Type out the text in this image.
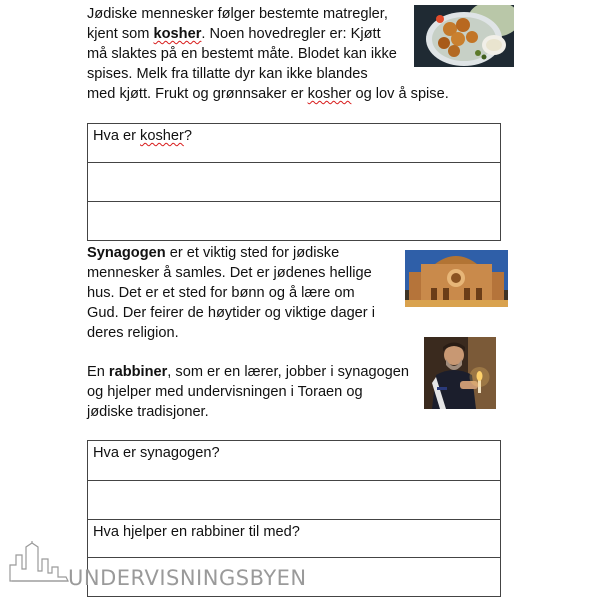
Jødiske mennesker følger bestemte matregler,
kjent som kosher. Noen hovedregler er: Kjøtt
må slaktes på en bestemt måte. Blodet kan ikke
spises. Melk fra tillatte dyr kan ikke blandes
med kjøtt. Frukt og grønnsaker er kosher og lov å spise.
Hva er kosher?

Synagogen er et viktig sted for jødiske
mennesker å samles. Det er jødenes hellige
hus. Det er et sted for bønn og å lære om
Gud. Der feirer de høytider og viktige dager i
deres religion.
En rabbiner, som er en lærer, jobber i synagogen
og hjelper med undervisningen i Toraen og
jødiske tradisjoner.
Hva er synagogen?

Hva hjelper en rabbiner til med?

UNDERVISNINGSBYEN
